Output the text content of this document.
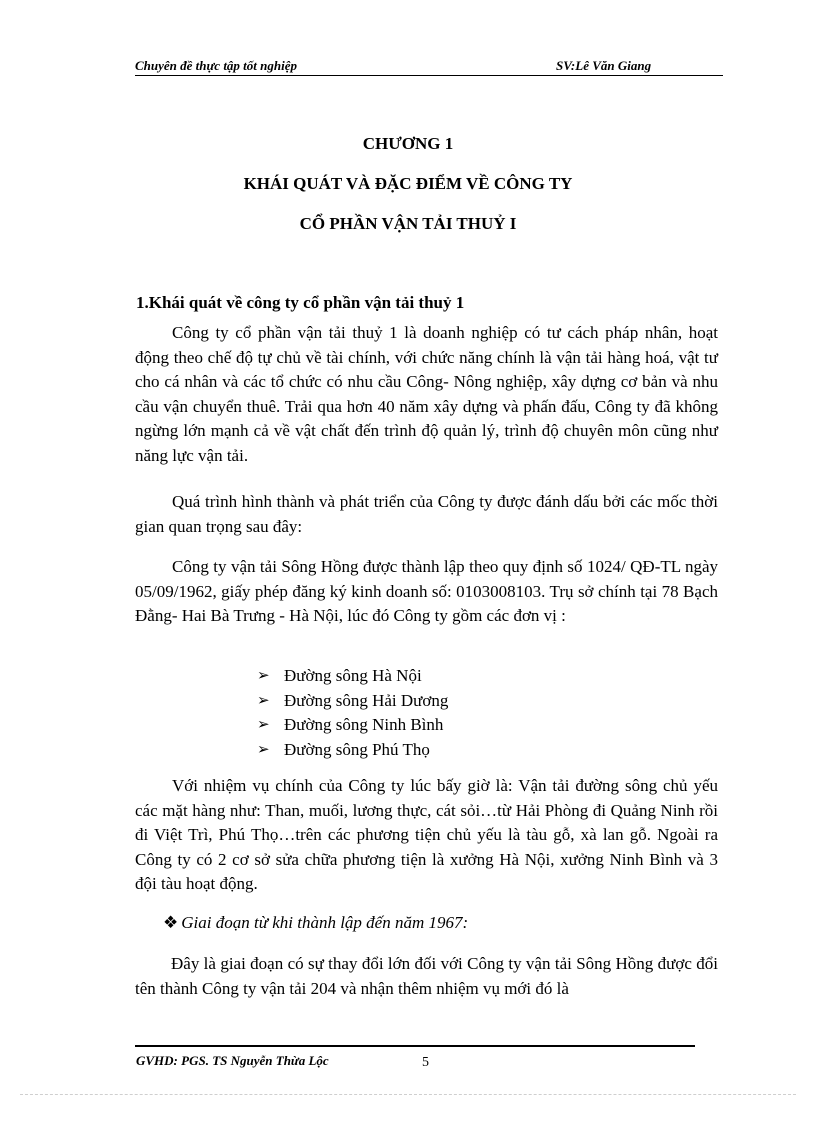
Chuyên đề thực tập tốt nghiệp	SV:Lê Văn Giang
CHƯƠNG 1
KHÁI QUÁT VÀ ĐẶC ĐIỂM VỀ CÔNG TY
CỔ PHẦN VẬN TẢI THUỶ I
1.Khái quát về công ty cổ phần vận tải thuỷ 1

Công ty cổ phần vận tải thuỷ 1 là doanh nghiệp có tư cách pháp nhân, hoạt động theo chế độ tự chủ về tài chính, với chức năng chính là vận tải hàng hoá, vật tư cho cá nhân và các tổ chức có nhu cầu Công- Nông nghiệp, xây dựng cơ bản và nhu cầu vận chuyển thuê. Trải qua hơn 40 năm xây dựng và phấn đấu, Công ty đã không ngừng lớn mạnh cả về vật chất đến trình độ quản lý, trình độ chuyên môn cũng như năng lực vận tải.

Quá trình hình thành và phát triển của Công ty được đánh dấu bởi các mốc thời gian quan trọng sau đây:

Công ty vận tải Sông Hồng được thành lập theo quy định số 1024/ QĐ-TL ngày 05/09/1962, giấy phép đăng ký kinh doanh số: 0103008103. Trụ sở chính tại 78 Bạch Đằng- Hai Bà Trưng - Hà Nội, lúc đó Công ty gồm các đơn vị :

➢ Đường sông Hà Nội
➢ Đường sông Hải Dương
➢ Đường sông Ninh Bình
➢ Đường sông Phú Thọ

Với nhiệm vụ chính của Công ty lúc bấy giờ là: Vận tải đường sông chủ yếu các mặt hàng như: Than, muối, lương thực, cát sỏi…từ Hải Phòng đi Quảng Ninh rồi đi Việt Trì, Phú Thọ…trên các phương tiện chủ yếu là tàu gỗ, xà lan gỗ. Ngoài ra Công ty có 2 cơ sở sửa chữa phương tiện là xưởng Hà Nội, xưởng Ninh Bình và 3 đội tàu hoạt động.

❖ Giai đoạn từ khi thành lập đến năm 1967:

Đây là giai đoạn có sự thay đổi lớn đối với Công ty vận tải Sông Hồng được đổi tên thành Công ty vận tải 204 và nhận thêm nhiệm vụ mới đó là

GVHD: PGS. TS Nguyễn Thừa Lộc	5
